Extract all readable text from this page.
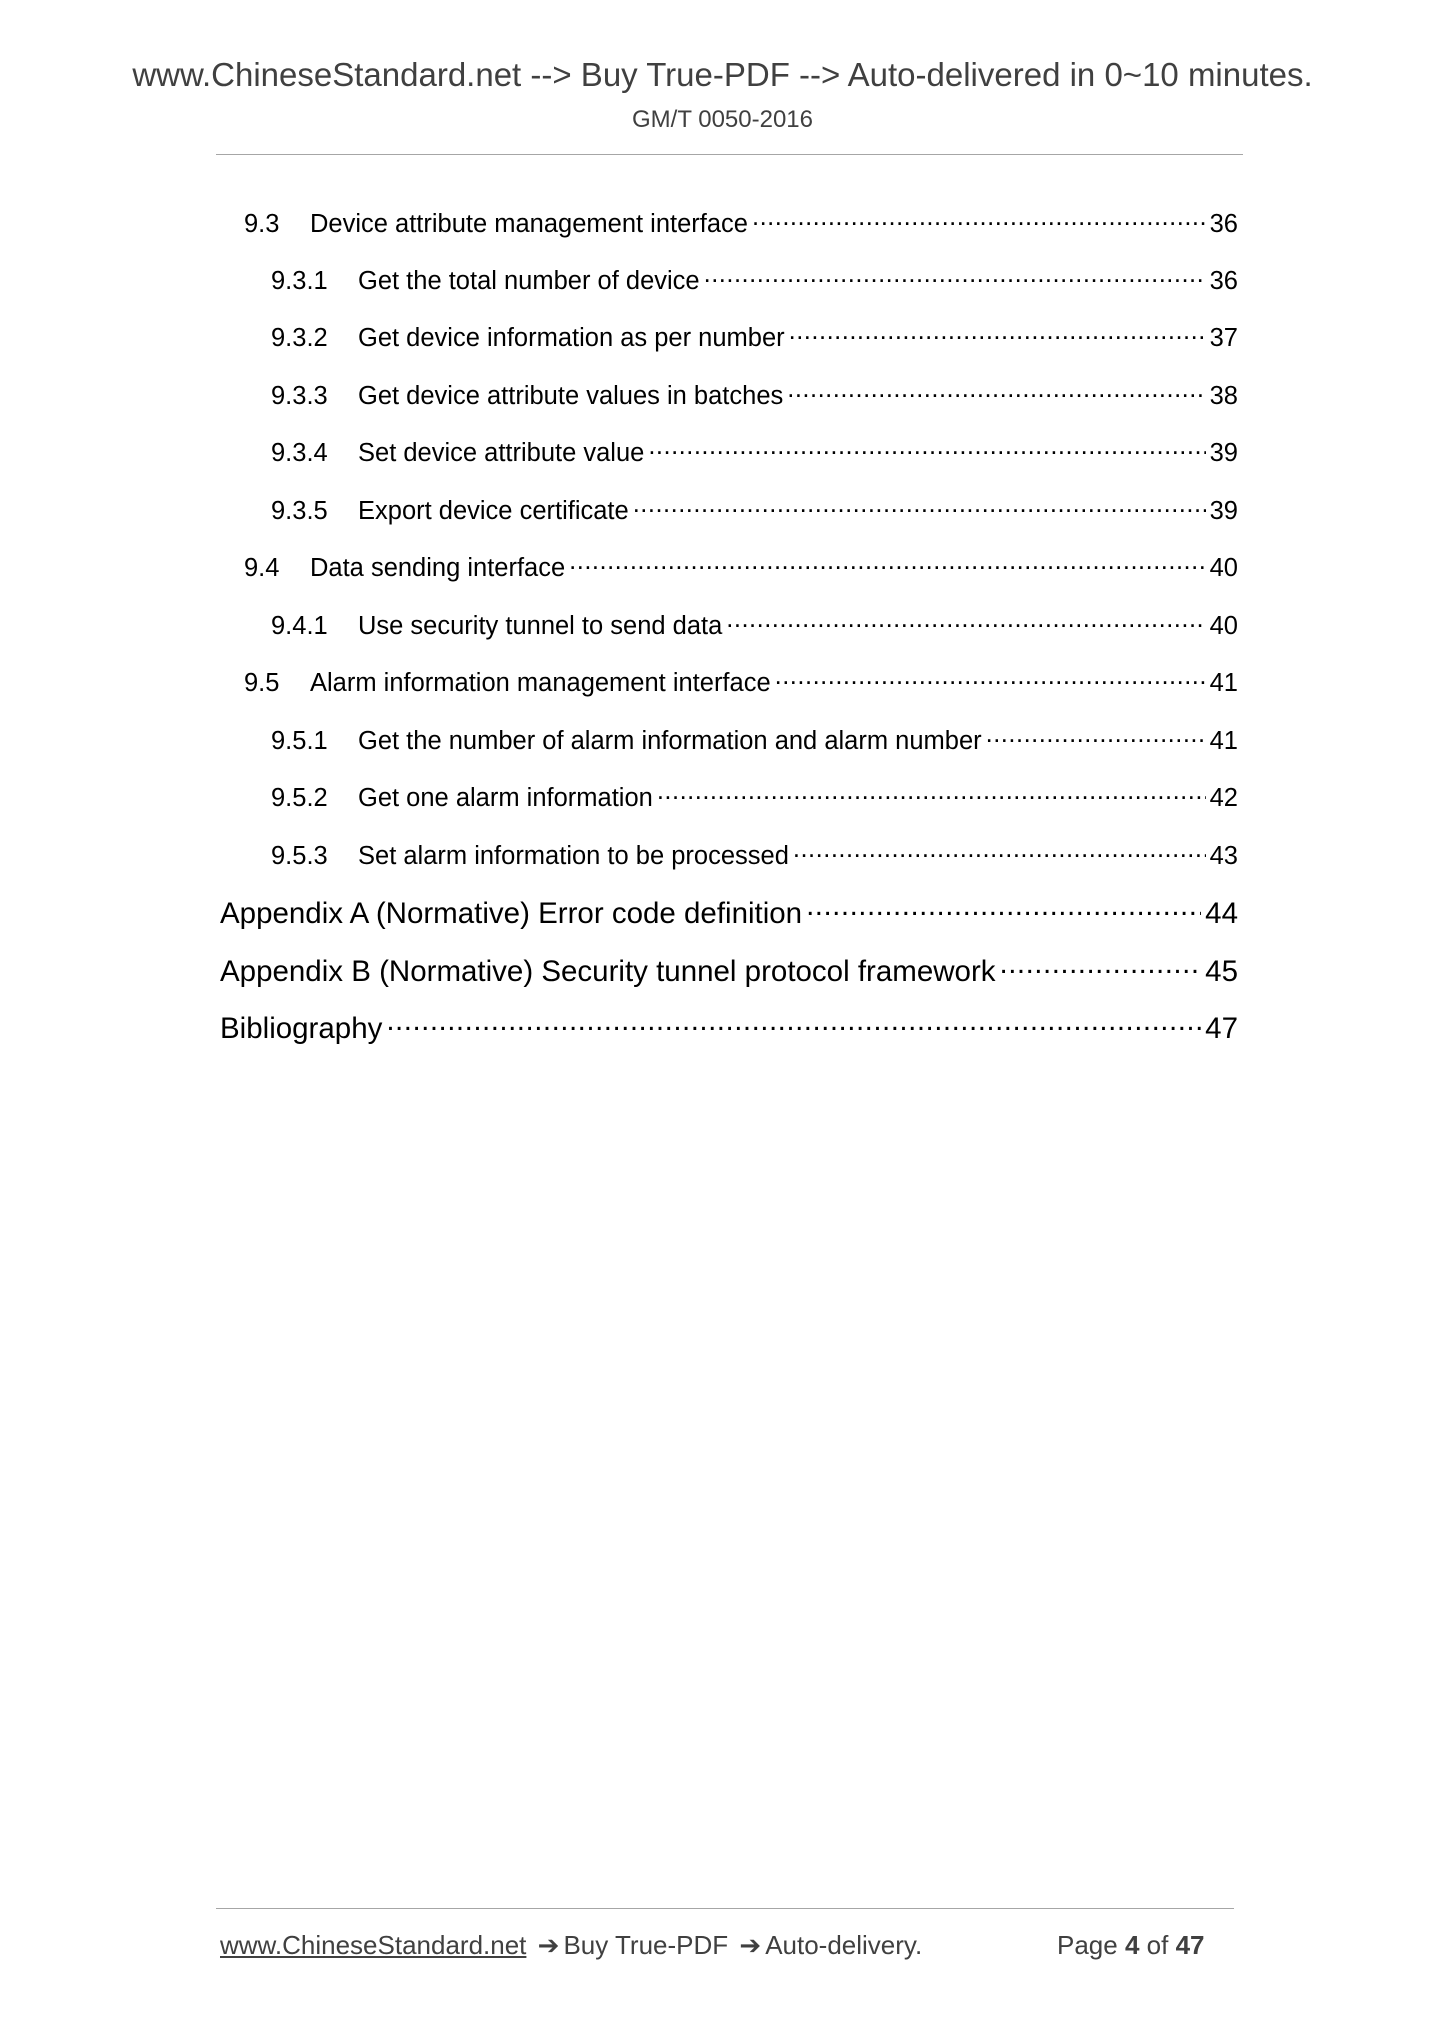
www.ChineseStandard.net --> Buy True-PDF --> Auto-delivered in 0~10 minutes.
GM/T 0050-2016
9.3	Device attribute management interface .....	36
9.3.1	Get the total number of device .....	36
9.3.2	Get device information as per number .....	37
9.3.3	Get device attribute values in batches .....	38
9.3.4	Set device attribute value .....	39
9.3.5	Export device certificate .....	39
9.4	Data sending interface .....	40
9.4.1	Use security tunnel to send data .....	40
9.5	Alarm information management interface .....	41
9.5.1	Get the number of alarm information and alarm number .....	41
9.5.2	Get one alarm information .....	42
9.5.3	Set alarm information to be processed .....	43
Appendix A (Normative) Error code definition .....	44
Appendix B (Normative) Security tunnel protocol framework .....	45
Bibliography .....	47
www.ChineseStandard.net ➔ Buy True-PDF ➔ Auto-delivery.	Page 4 of 47
